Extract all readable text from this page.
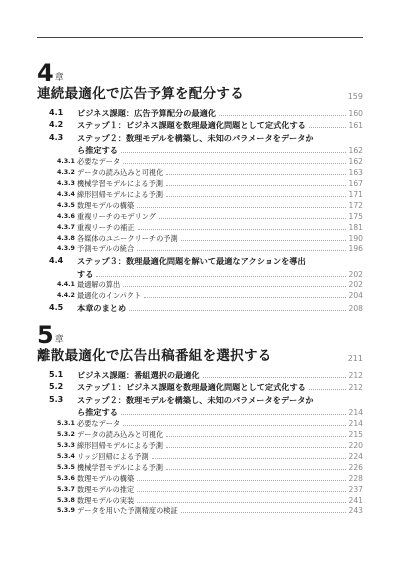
4 章
連続最適化で広告予算を配分する	159
4.1	ビジネス課題：広告予算配分の最適化	160
4.2	ステップ１：ビジネス課題を数理最適化問題として定式化する	161
4.3	ステップ２：数理モデルを構築し、未知のパラメータをデータか
ら推定する	162
4.3.1 必要なデータ	162
4.3.2 データの読み込みと可視化	163
4.3.3 機械学習モデルによる予測	167
4.3.4 線形回帰モデルによる予測	171
4.3.5 数理モデルの構築	172
4.3.6 重複リーチのモデリング	175
4.3.7 重複リーチの補正	181
4.3.8 各媒体のユニークリーチの予測	190
4.3.9 予測モデルの統合	196
4.4	ステップ３：数理最適化問題を解いて最適なアクションを導出
する	202
4.4.1 最適解の算出	202
4.4.2 最適化のインパクト	204
4.5	本章のまとめ	208
5 章
離散最適化で広告出稿番組を選択する	211
5.1	ビジネス課題：番組選択の最適化	212
5.2	ステップ１：ビジネス課題を数理最適化問題として定式化する	212
5.3	ステップ２：数理モデルを構築し、未知のパラメータをデータか
ら推定する	214
5.3.1 必要なデータ	214
5.3.2 データの読み込みと可視化	215
5.3.3 線形回帰モデルによる予測	220
5.3.4 リッジ回帰による予測	224
5.3.5 機械学習モデルによる予測	226
5.3.6 数理モデルの構築	228
5.3.7 数理モデルの推定	237
5.3.8 数理モデルの実装	241
5.3.9 データを用いた予測精度の検証	243
